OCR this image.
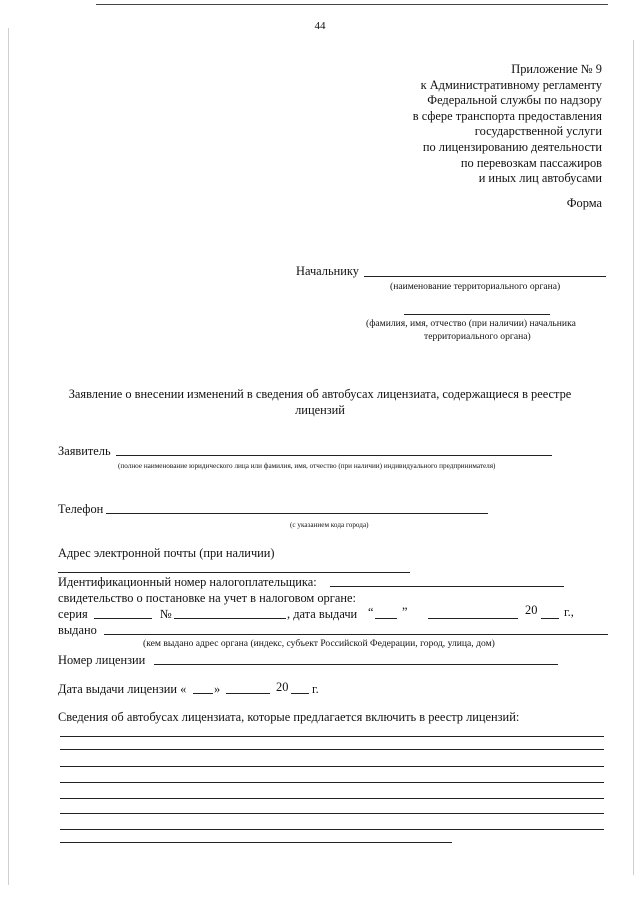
44
Приложение № 9
к Административному регламенту
Федеральной службы по надзору
в сфере транспорта предоставления
государственной услуги
по лицензированию деятельности
по перевозкам пассажиров
и иных лиц автобусами
Форма
Начальнику
(наименование территориального органа)
(фамилия, имя, отчество (при наличии) начальника
территориального органа)
Заявление о внесении изменений в сведения об автобусах лицензиата, содержащиеся в реестре
лицензий
Заявитель
(полное наименование юридического лица или фамилия, имя, отчество (при наличии) индивидуального предпринимателя)
Телефон
(с указанием кода города)
Адрес электронной почты (при наличии)
Идентификационный номер налогоплательщика:
свидетельство о постановке на учет в налоговом органе:
серия	№	, дата выдачи “ ”	20 г.,
выдано
(кем выдано адрес органа (индекс, субъект Российской Федерации, город, улица, дом)
Номер лицензии
Дата выдачи лицензии « »	20 г.
Сведения об автобусах лицензиата, которые предлагается включить в реестр лицензий:
